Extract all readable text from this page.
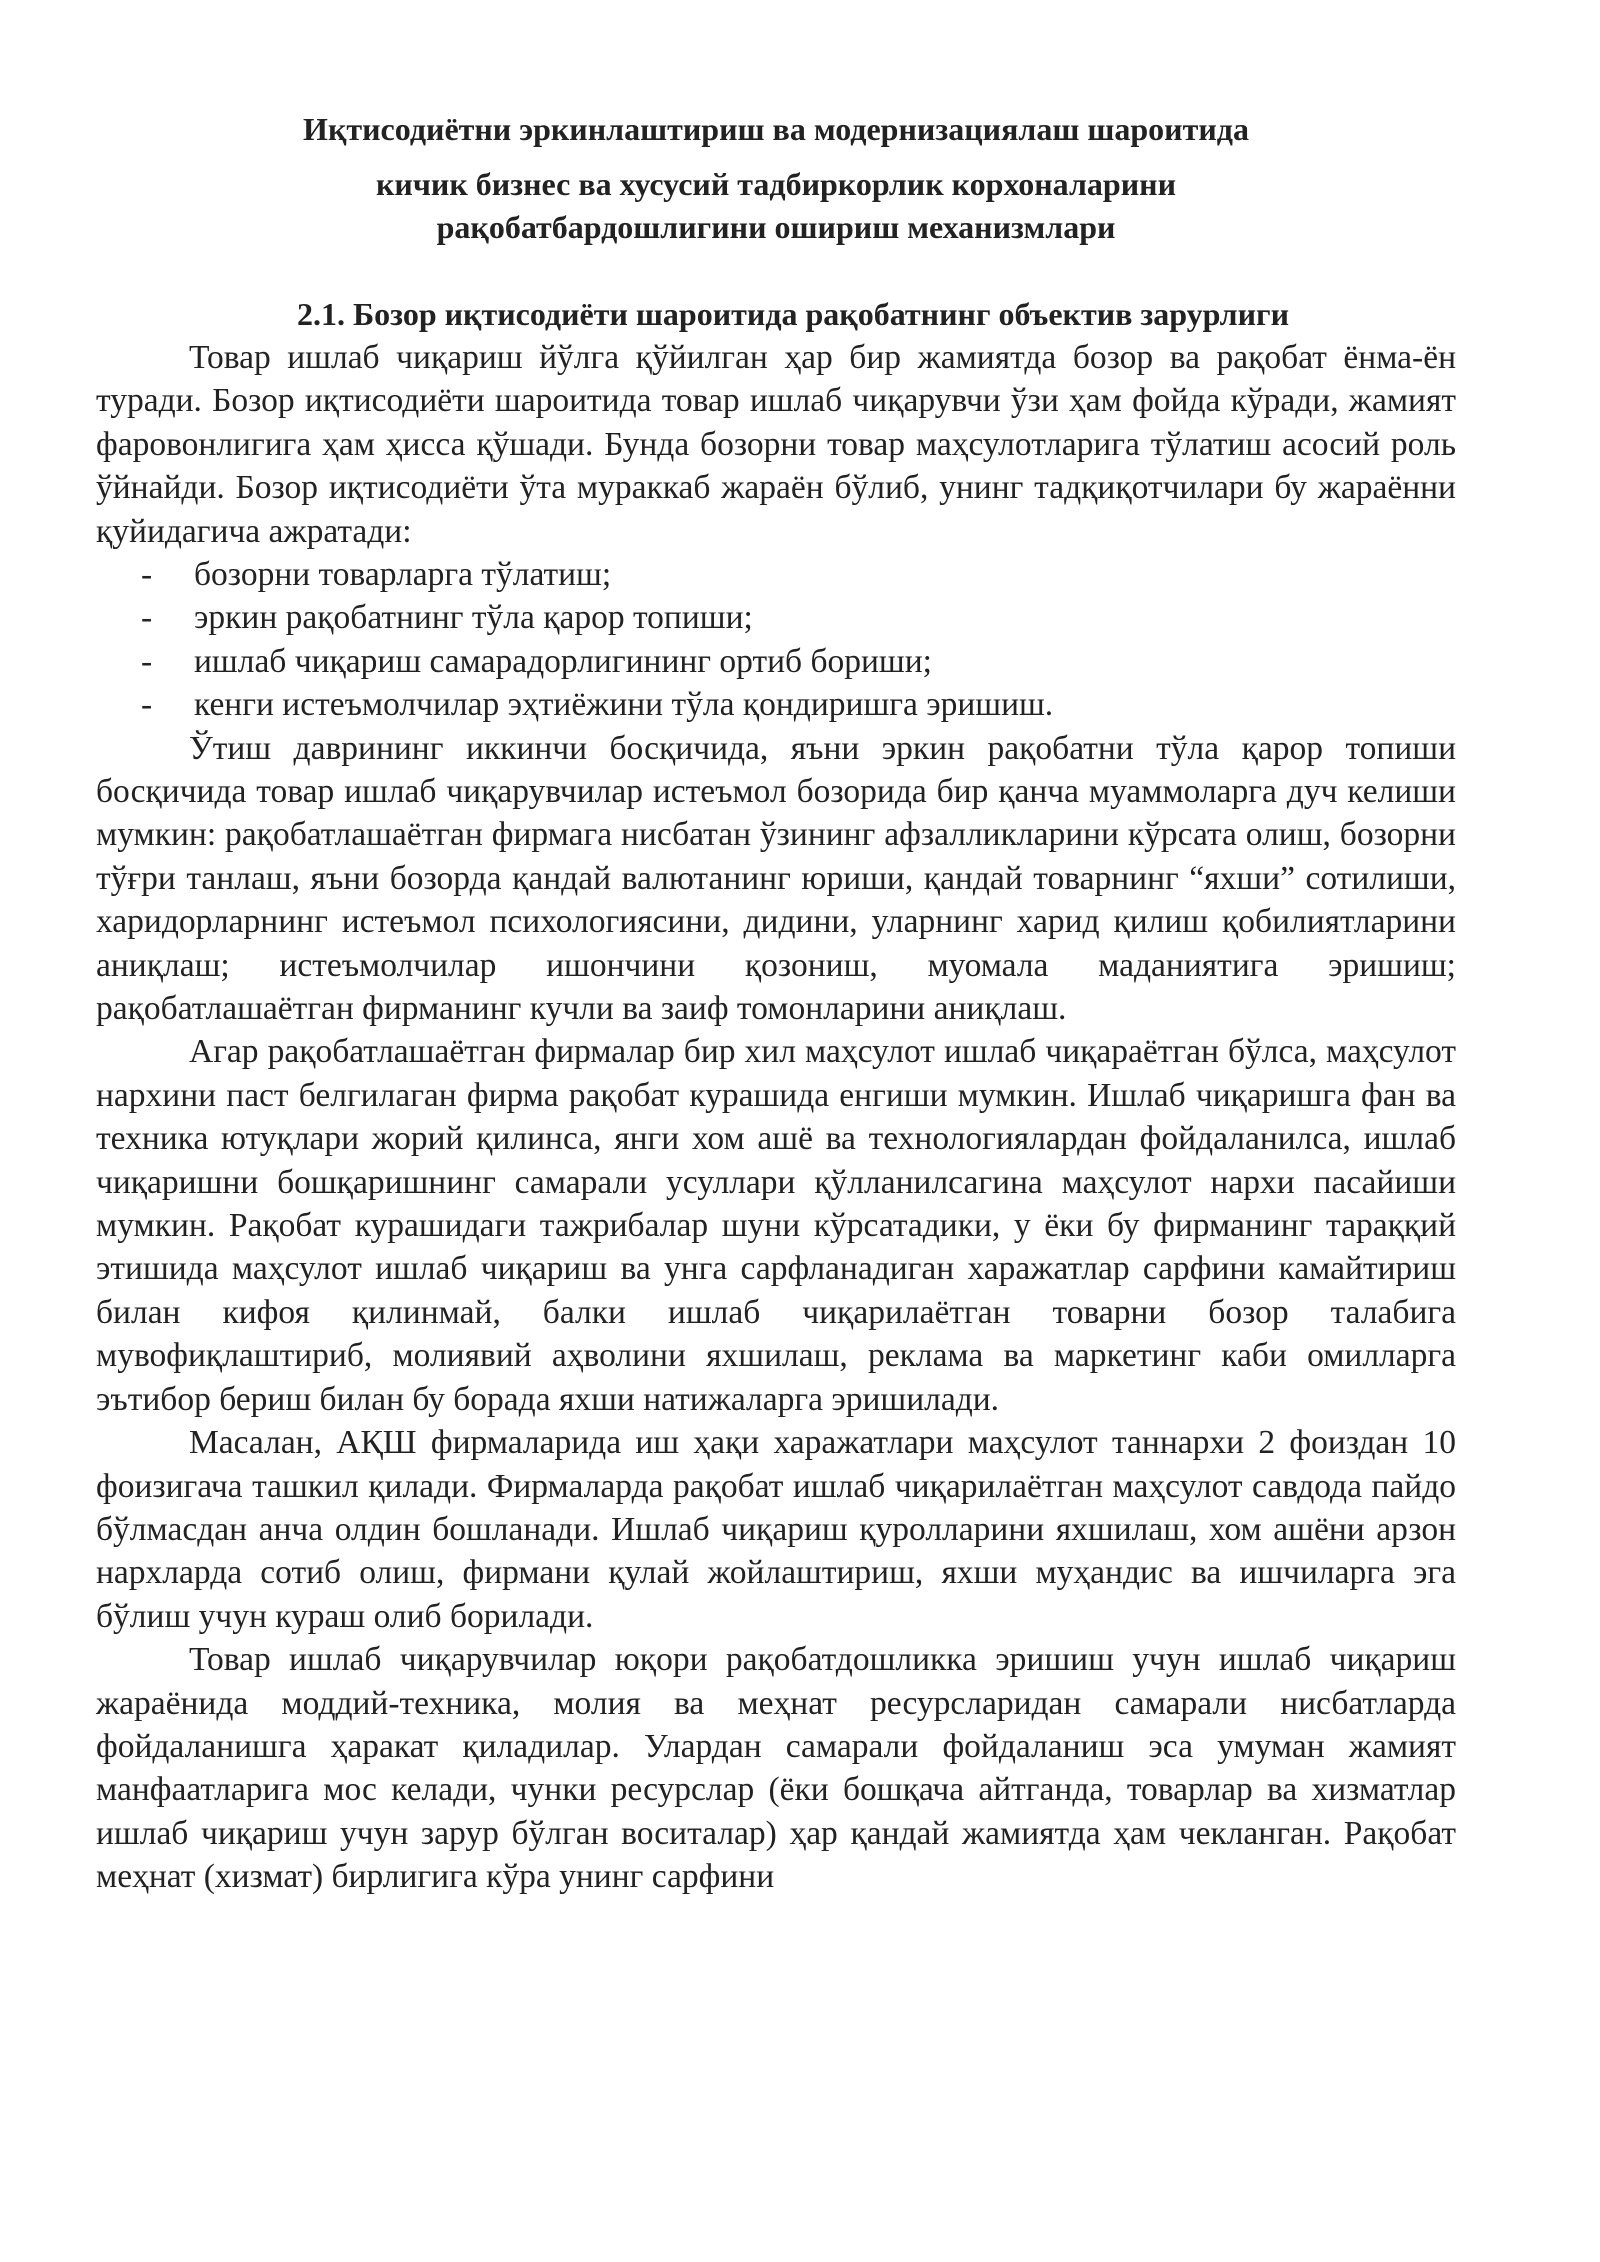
Иқтисодиётни эркинлаштириш ва модернизациялаш шароитида

кичик бизнес ва хусусий тадбиркорлик корхоналарини

рақобатбардошлигини ошириш механизмлари

2.1. Бозор иқтисодиёти шароитида рақобатнинг объектив зарурлиги

Товар ишлаб чиқариш йўлга қўйилган ҳар бир жамиятда бозор ва рақобат ёнма-ён туради. Бозор иқтисодиёти шароитида товар ишлаб чиқарувчи ўзи ҳам фойда кўради, жамият фаровонлигига ҳам ҳисса қўшади. Бунда бозорни товар маҳсулотларига тўлатиш асосий роль ўйнайди. Бозор иқтисодиёти ўта мураккаб жараён бўлиб, унинг тадқиқотчилари бу жараённи қуйидагича ажратади:

- бозорни товарларга тўлатиш;
- эркин рақобатнинг тўла қарор топиши;
- ишлаб чиқариш самарадорлигининг ортиб бориши;
- кенги истеъмолчилар эҳтиёжини тўла қондиришга эришиш.

Ўтиш даврининг иккинчи босқичида, яъни эркин рақобатни тўла қарор топиши босқичида товар ишлаб чиқарувчилар истеъмол бозорида бир қанча муаммоларга дуч келиши мумкин: рақобатлашаётган фирмага нисбатан ўзининг афзалликларини кўрсата олиш, бозорни тўғри танлаш, яъни бозорда қандай валютанинг юриши, қандай товарнинг “яхши” сотилиши, харидорларнинг истеъмол психологиясини, дидини, уларнинг харид қилиш қобилиятларини аниқлаш; истеъмолчилар ишончини қозониш, муомала маданиятига эришиш; рақобатлашаётган фирманинг кучли ва заиф томонларини аниқлаш.

Агар рақобатлашаётган фирмалар бир хил маҳсулот ишлаб чиқараётган бўлса, маҳсулот нархини паст белгилаган фирма рақобат курашида енгиши мумкин. Ишлаб чиқаришга фан ва техника ютуқлари жорий қилинса, янги хом ашё ва технологиялардан фойдаланилса, ишлаб чиқаришни бошқаришнинг самарали усуллари қўлланилсагина маҳсулот нархи пасайиши мумкин. Рақобат курашидаги тажрибалар шуни кўрсатадики, у ёки бу фирманинг тараққий этишида маҳсулот ишлаб чиқариш ва унга сарфланадиган харажатлар сарфини камайтириш билан кифоя қилинмай, балки ишлаб чиқарилаётган товарни бозор талабига мувофиқлаштириб, молиявий аҳволини яхшилаш, реклама ва маркетинг каби омилларга эътибор бериш билан бу борада яхши натижаларга эришилади.

Масалан, АҚШ фирмаларида иш ҳақи харажатлари маҳсулот таннархи 2 фоиздан 10 фоизигача ташкил қилади. Фирмаларда рақобат ишлаб чиқарилаётган маҳсулот савдода пайдо бўлмасдан анча олдин бошланади. Ишлаб чиқариш қуролларини яхшилаш, хом ашёни арзон нархларда сотиб олиш, фирмани қулай жойлаштириш, яхши муҳандис ва ишчиларга эга бўлиш учун кураш олиб борилади.

Товар ишлаб чиқарувчилар юқори рақобатдошликка эришиш учун ишлаб чиқариш жараёнида моддий-техника, молия ва меҳнат ресурсларидан самарали нисбатларда фойдаланишга ҳаракат қиладилар. Улардан самарали фойдаланиш эса умуман жамият манфаатларига мос келади, чунки ресурслар (ёки бошқача айтганда, товарлар ва хизматлар ишлаб чиқариш учун зарур бўлган воситалар) ҳар қандай жамиятда ҳам чекланган. Рақобат меҳнат (хизмат) бирлигига кўра унинг сарфини
